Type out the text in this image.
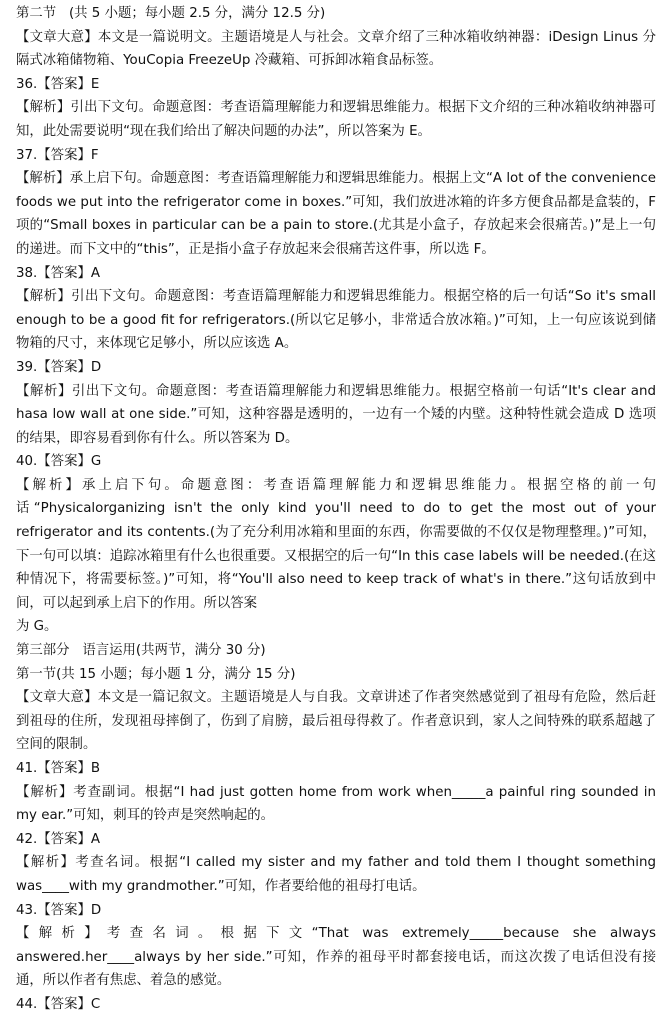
第二节   (共 5 小题；每小题 2.5 分，满分 12.5 分)
【文章大意】本文是一篇说明文。主题语境是人与社会。文章介绍了三种冰箱收纳神器：iDesign Linus 分隔式冰箱储物箱、YouCopia FreezeUp 冷藏箱、可拆卸冰箱食品标签。
36.【答案】E
【解析】引出下文句。命题意图：考查语篇理解能力和逻辑思维能力。根据下文介绍的三种冰箱收纳神器可知，此处需要说明“现在我们给出了解决问题的办法”，所以答案为 E。
37.【答案】F
【解析】承上启下句。命题意图：考查语篇理解能力和逻辑思维能力。根据上文“A lot of the convenience foods we put into the refrigerator come in boxes.”可知，我们放进冰箱的许多方便食品都是盒装的，F 项的“Small boxes in particular can be a pain to store.(尤其是小盒子，存放起来会很痛苦。)”是上一句的递进。而下文中的“this”，正是指小盒子存放起来会很痛苦这件事，所以选 F。
38.【答案】A
【解析】引出下文句。命题意图：考查语篇理解能力和逻辑思维能力。根据空格的后一句话“So it's small enough to be a good fit for refrigerators.(所以它足够小，非常适合放冰箱。)”可知，上一句应该说到储物箱的尺寸，来体现它足够小，所以应该选 A。
39.【答案】D
【解析】引出下文句。命题意图：考查语篇理解能力和逻辑思维能力。根据空格前一句话“It's clear and hasa low wall at one side.”可知，这种容器是透明的，一边有一个矮的内壁。这种特性就会造成 D 选项的结果，即容易看到你有什么。所以答案为 D。
40.【答案】G
【解析】承上启下句。命题意图：考查语篇理解能力和逻辑思维能力。根据空格的前一句话“Physicalorganizing isn't the only kind you'll need to do to get the most out of your refrigerator and its contents.(为了充分利用冰箱和里面的东西，你需要做的不仅仅是物理整理。)”可知，下一句可以填：追踪冰箱里有什么也很重要。又根据空的后一句“In this case labels will be needed.(在这种情况下，将需要标签。)”可知，将“You'll also need to keep track of what's in there.”这句话放到中间，可以起到承上启下的作用。所以答案
为 G。
第三部分   语言运用(共两节，满分 30 分)
第一节(共 15 小题；每小题 1 分，满分 15 分)
【文章大意】本文是一篇记叙文。主题语境是人与自我。文章讲述了作者突然感觉到了祖母有危险，然后赶到祖母的住所，发现祖母摔倒了，伤到了肩膀，最后祖母得救了。作者意识到，家人之间特殊的联系超越了空间的限制。
41.【答案】B
【解析】考查副词。根据“I had just gotten home from work when_____a painful ring sounded in my ear.”可知，刺耳的铃声是突然响起的。
42.【答案】A
【解析】考查名词。根据“I called my sister and my father and told them I thought something was____with my grandmother.”可知，作者要给他的祖母打电话。
43.【答案】D
【解析】考查名词。根据下文“That was extremely_____because she always answered.her____always by her side.”可知，作养的祖母平时都套接电话，而这次拨了电话但没有接通，所以作者有焦虑、着急的感觉。
44.【答案】C
